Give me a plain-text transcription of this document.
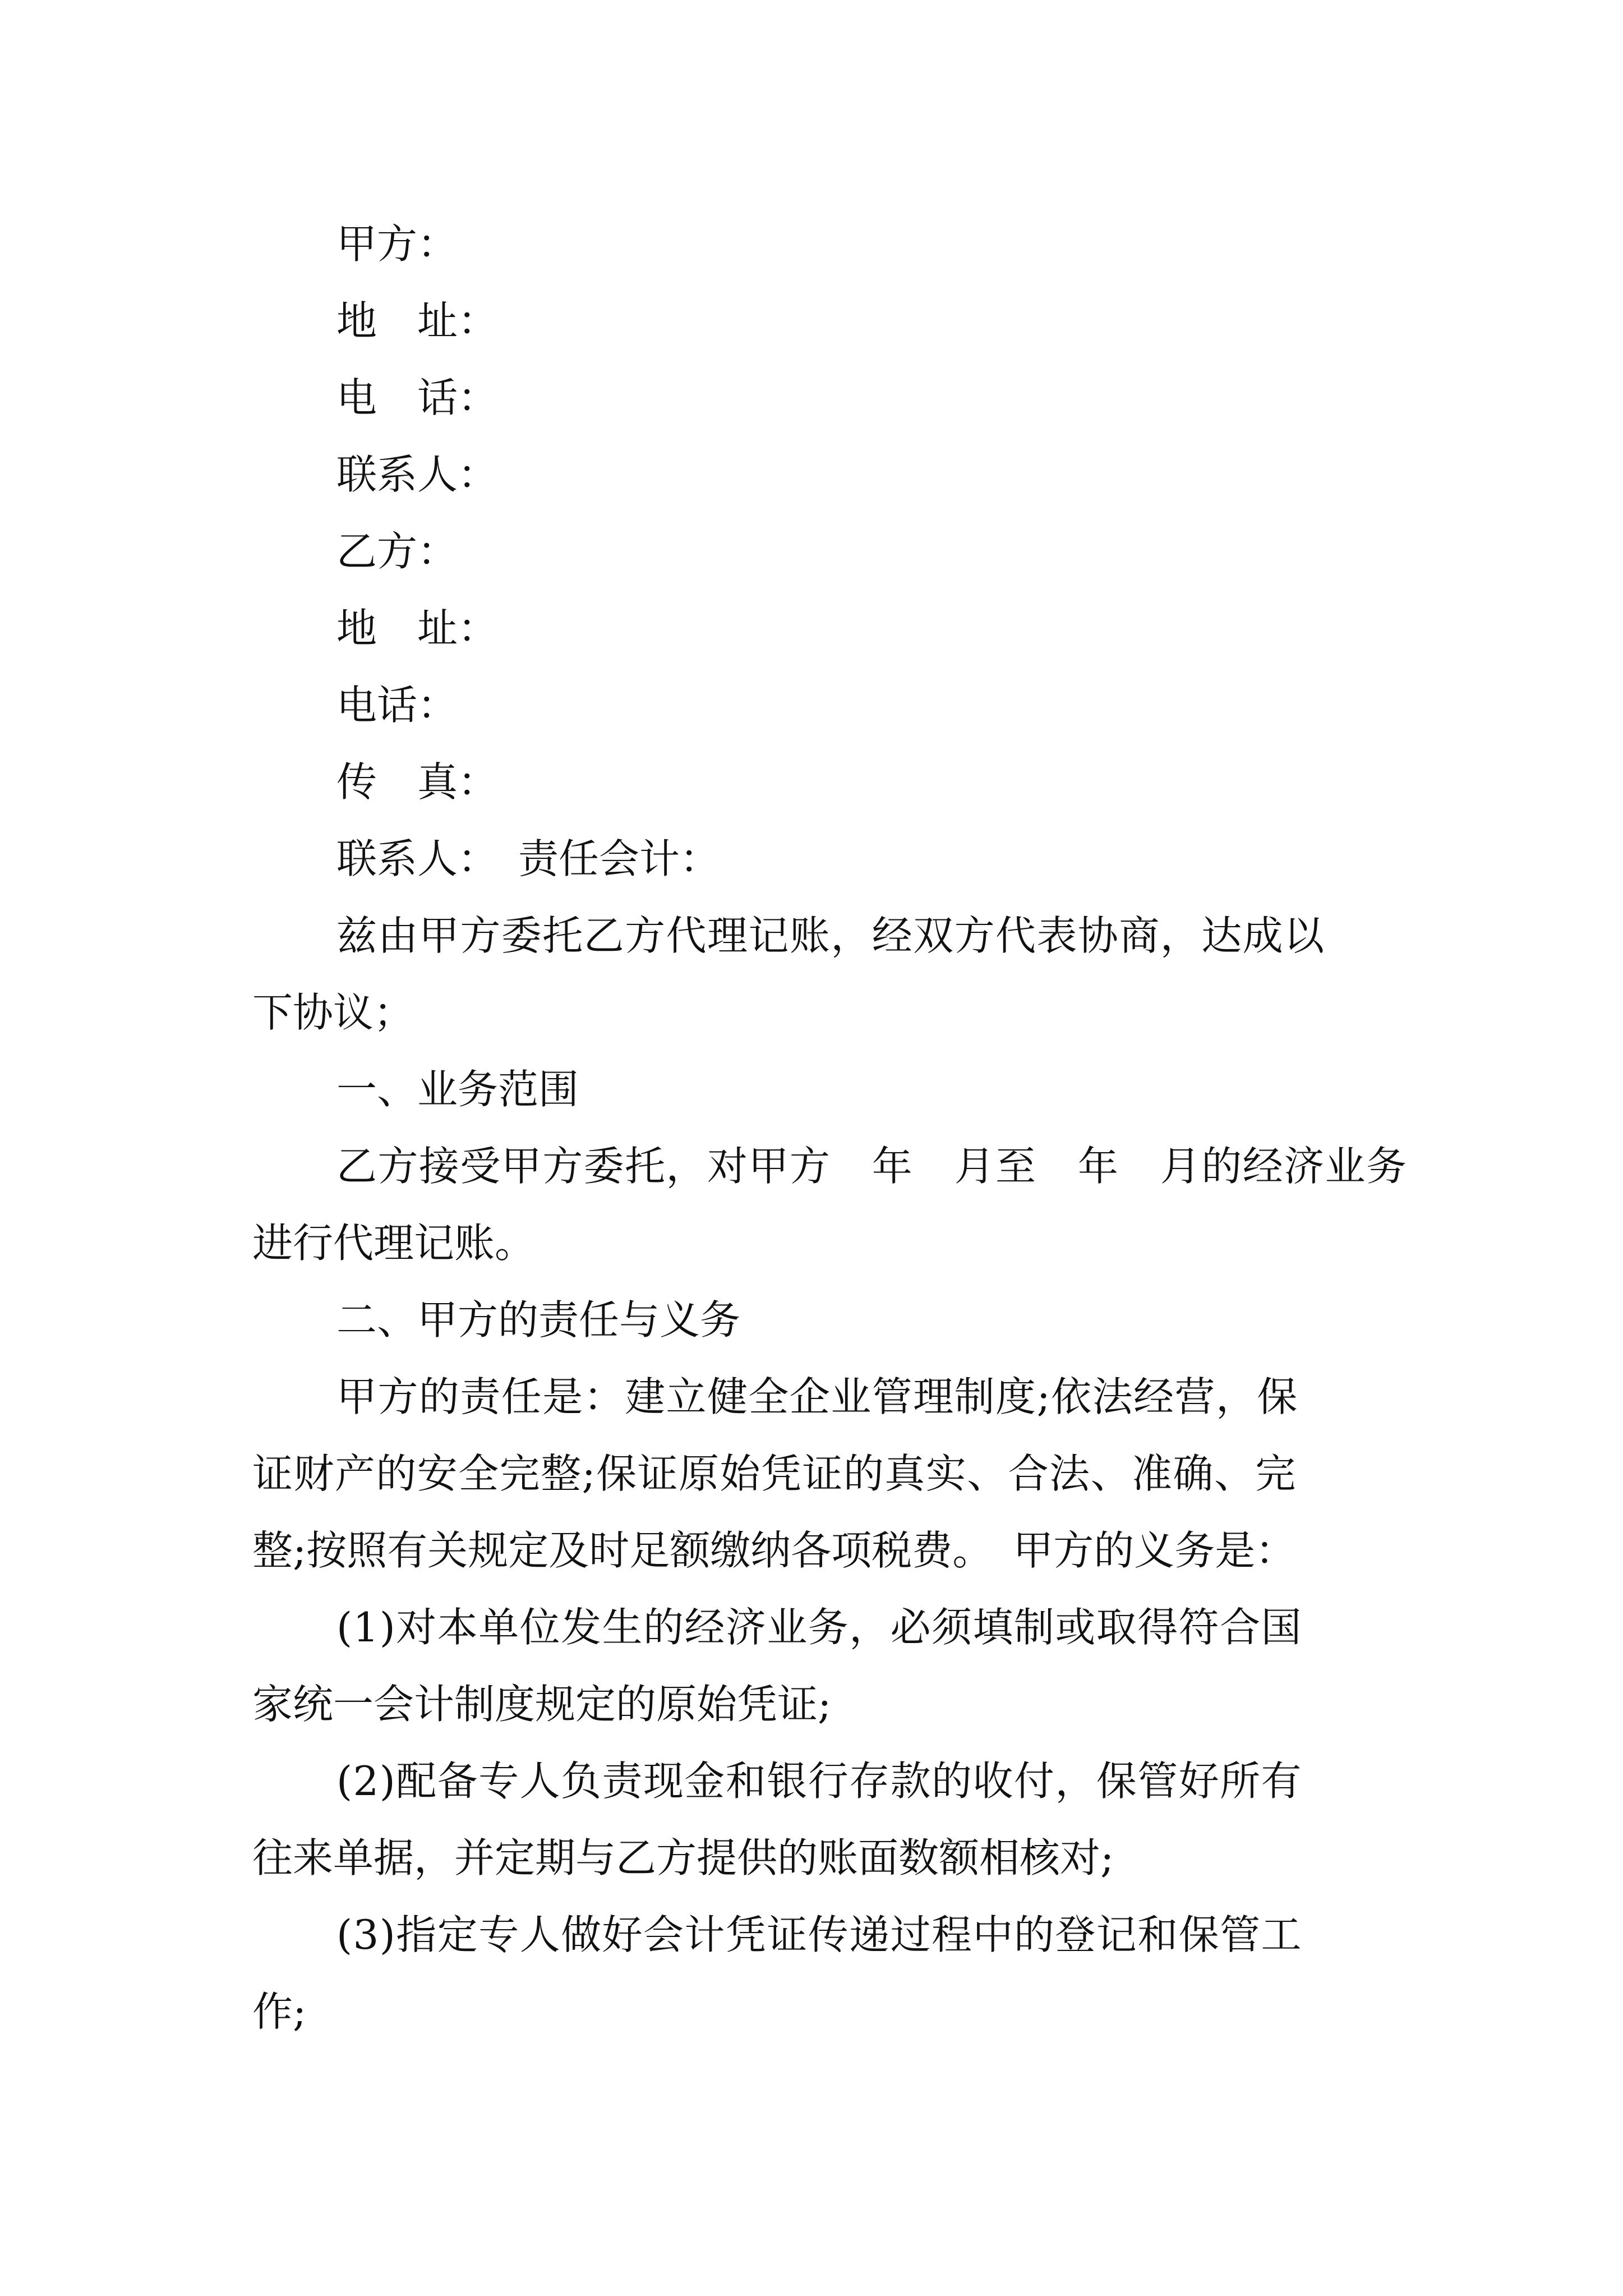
甲方：

地　址：

电　话：

联系人：

乙方：

地　址：

电话：

传　真：

联系人：　责任会计：

兹由甲方委托乙方代理记账，经双方代表协商，达成以

下协议；

一、业务范围

乙方接受甲方委托，对甲方　年　月至　年　月的经济业务

进行代理记账。

二、甲方的责任与义务

甲方的责任是：建立健全企业管理制度;依法经营，保

证财产的安全完整;保证原始凭证的真实、合法、准确、完

整;按照有关规定及时足额缴纳各项税费。　甲方的义务是：

(1)对本单位发生的经济业务，必须填制或取得符合国

家统一会计制度规定的原始凭证;

(2)配备专人负责现金和银行存款的收付，保管好所有

往来单据，并定期与乙方提供的账面数额相核对;

(3)指定专人做好会计凭证传递过程中的登记和保管工

作;
